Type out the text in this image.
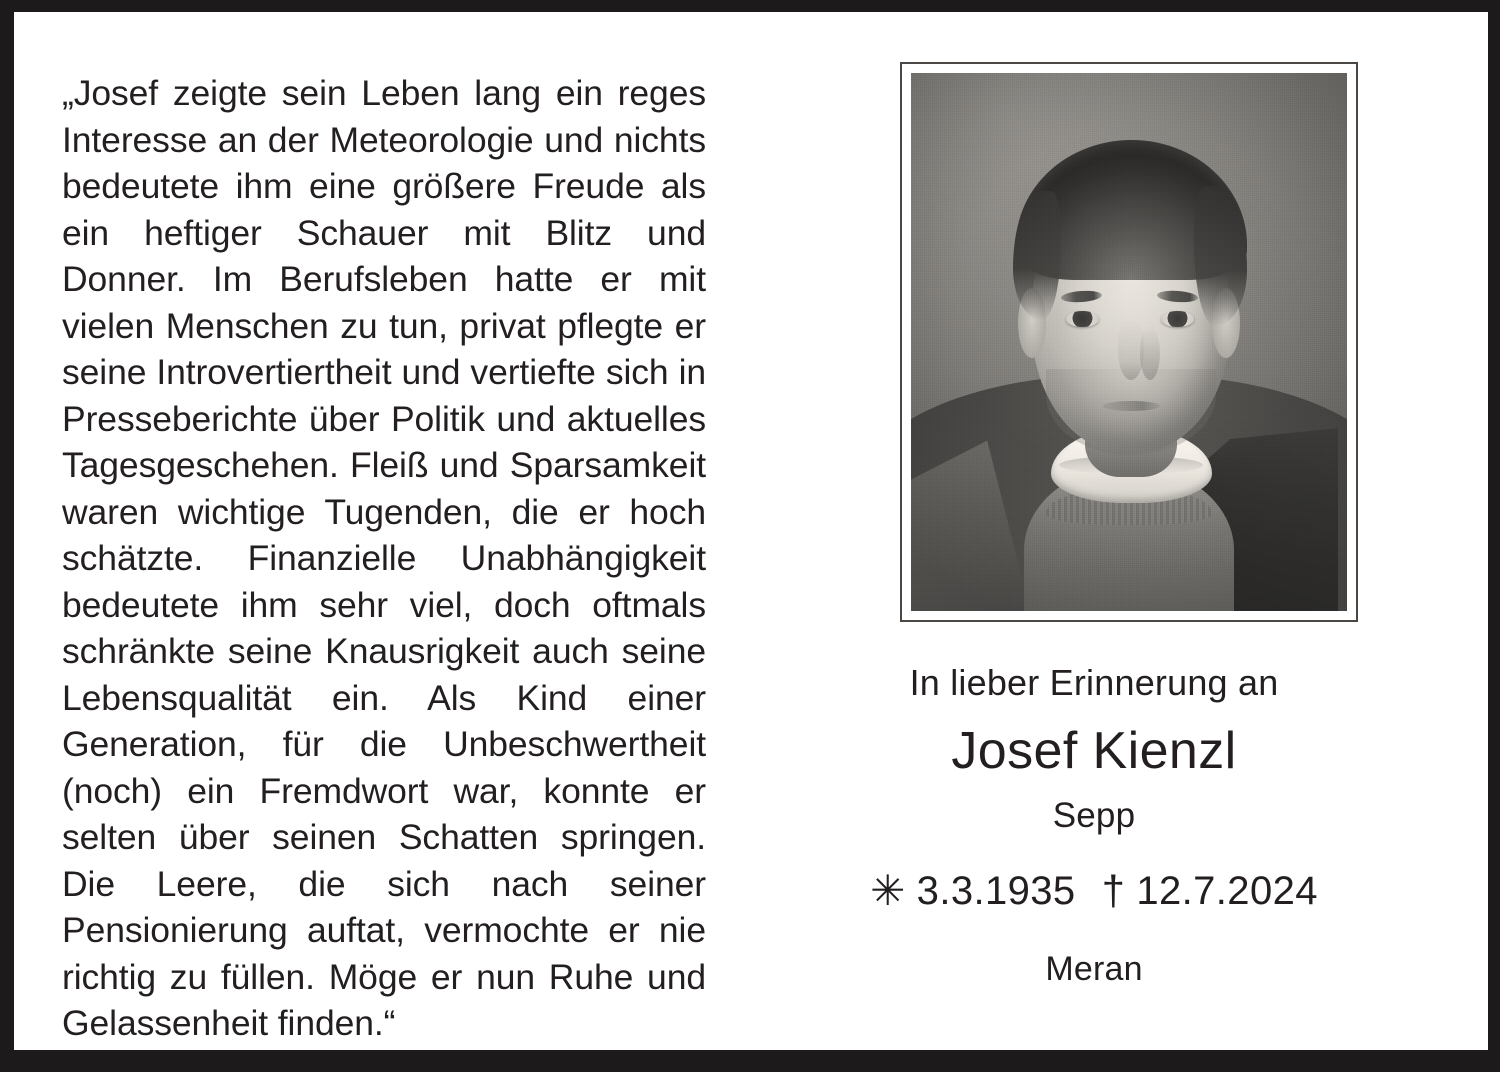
„Josef zeigte sein Leben lang ein reges Interesse an der Meteorologie und nichts bedeutete ihm eine größere Freude als ein heftiger Schauer mit Blitz und Donner. Im Berufsleben hatte er mit vielen Menschen zu tun, privat pflegte er seine Introvertiertheit und vertiefte sich in Presseberichte über Politik und aktuelles Tagesgeschehen. Fleiß und Sparsamkeit waren wichtige Tugenden, die er hoch schätzte. Finanzielle Unabhängigkeit bedeutete ihm sehr viel, doch oftmals schränkte seine Knausrigkeit auch seine Lebensqualität ein. Als Kind einer Generation, für die Unbeschwertheit (noch) ein Fremdwort war, konnte er selten über seinen Schatten springen. Die Leere, die sich nach seiner Pensionierung auftat, vermochte er nie richtig zu füllen. Möge er nun Ruhe und Gelassenheit finden.“

In lieber Erinnerung an
Josef Kienzl
Sepp
✳ 3.3.1935 † 12.7.2024
Meran
